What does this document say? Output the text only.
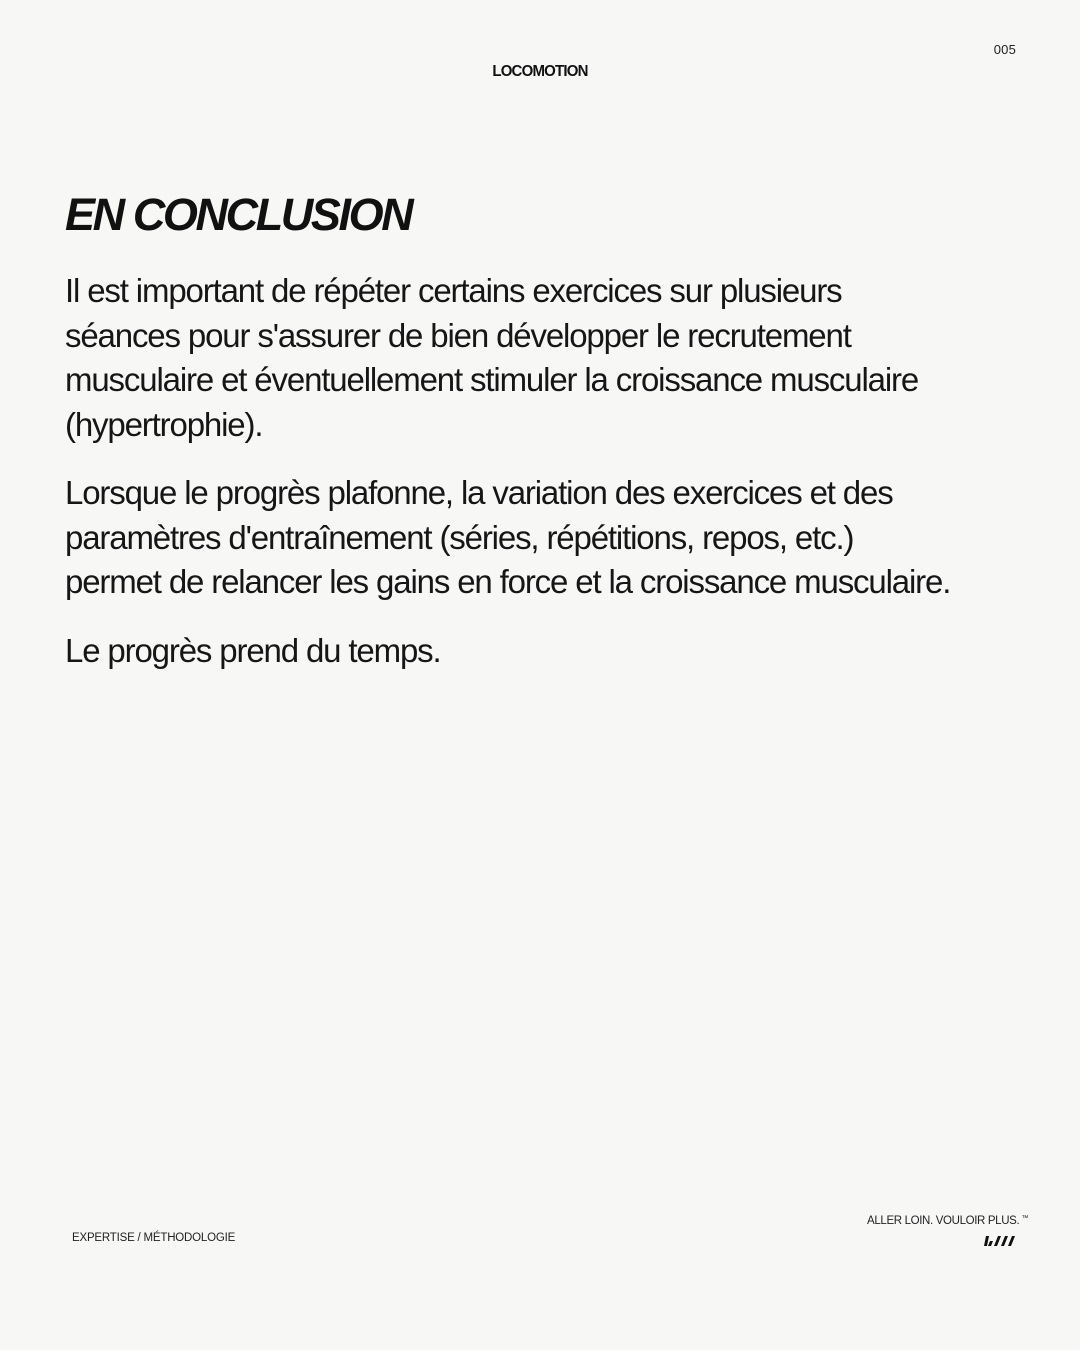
005
LOCOMOTION
EN CONCLUSION

Il est important de répéter certains exercices sur plusieurs
séances pour s'assurer de bien développer le recrutement
musculaire et éventuellement stimuler la croissance musculaire
(hypertrophie).

Lorsque le progrès plafonne, la variation des exercices et des
paramètres d'entraînement (séries, répétitions, repos, etc.)
permet de relancer les gains en force et la croissance musculaire.

Le progrès prend du temps.

EXPERTISE / MÉTHODOLOGIE
ALLER LOIN. VOULOIR PLUS. ™
